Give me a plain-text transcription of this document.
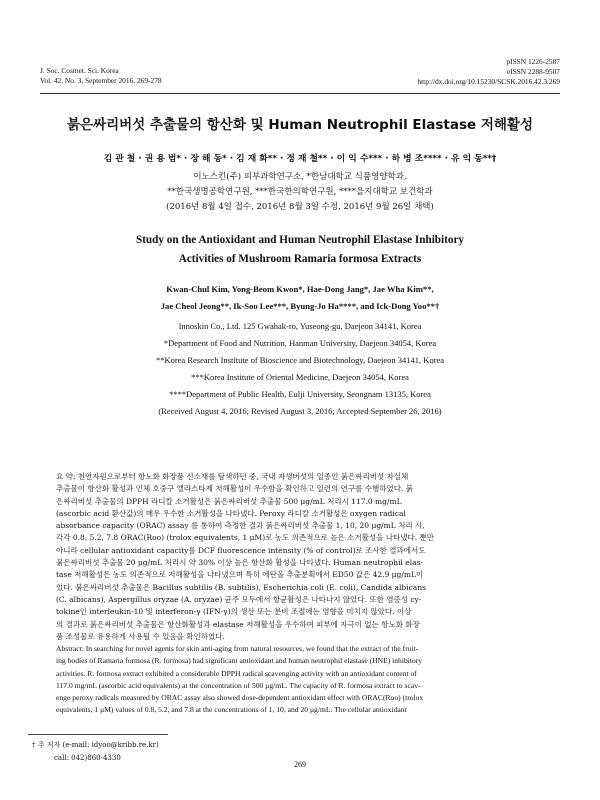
J. Soc. Cosmet. Sci. Korea
Vol. 42, No. 3, September 2016, 269-278
pISSN 1226-2587
eISSN 2288-9507
http://dx.doi.org/10.15230/SCSK.2016.42.3.269
붉은싸리버섯 추출물의 항산화 및 Human Neutrophil Elastase 저해활성
김 관 철 · 권 용 범* · 장 해 동* · 김 재 화** · 정 재 철** · 이 익 수*** · 하 병 조**** · 유 익 동**†
이노스킨(주) 피부과학연구소, *한남대학교 식품영양학과,
**한국생명공학연구원, ***한국한의학연구원, ****을지대학교 보건학과
(2016년 8월 4일 접수, 2016년 8월 3일 수정, 2016년 9월 26일 채택)
Study on the Antioxidant and Human Neutrophil Elastase Inhibitory
Activities of Mushroom Ramaria formosa Extracts
Kwan-Chul Kim, Yong-Beom Kwon*, Hae-Dong Jang*, Jae Wha Kim**,
Jae Cheol Jeong**, Ik-Soo Lee***, Byung-Jo Ha****, and Ick-Dong Yoo**†
Innoskin Co., Ltd. 125 Gwahak-ro, Yuseong-gu, Daejeon 34141, Korea
*Department of Food and Nutrition, Hanman University, Daejeon 34054, Korea
**Korea Research Institute of Bioscience and Biotechnology, Daejeon 34141, Korea
***Korea Institute of Oriental Medicine, Daejeon 34054, Korea
****Department of Public Health, Eulji University, Seongnam 13135, Korea
(Received August 4, 2016; Revised August 3, 2016; Accepted September 26, 2016)
요 약: 천연자원으로부터 항노화 화장품 신소재를 탐색하던 중, 국내 자생버섯의 일종인 붉은싸리버섯 자실체
추출물이 항산화 활성과 인체 호중구 엘라스타제 저해활성이 우수함을 확인하고 일련의 연구를 수행하였다. 붉
은싸리버섯 추출물의 DPPH 라디칼 소거활성은 붉은싸리버섯 추출물 500 μg/mL 처리시 117.0 mg/mL
(ascorbic acid 환산값)의 매우 우수한 소거활성을 나타냈다. Peroxy 라디칼 소거활성은 oxygen radical
absorbance capacity (ORAC) assay 를 통하여 측정한 결과 붉은싸리버섯 추출물 1, 10, 20 μg/mL 처리 시,
각각 0.8, 5.2, 7.8 ORAC(Roo) (trolox equivalents, 1 μM)로 농도 의존적으로 높은 소거활성을 나타냈다. 뿐만
아니라 cellular antioxidant capacity를 DCF fluorescence intensity (% of control)로 조사한 결과에서도
붉은싸리버섯 추출물 20 μg/mL 처리시 약 30% 이상 높은 항산화 활성을 나타냈다. Human neutrophil elas-
tase 저해활성은 농도 의존적으로 저해활성을 나타냈으며 특히 에탄올 추출분획에서 ED50 값은 42.9 μg/mL이
었다. 붉은싸리버섯 추출물은 Bacillus subtilis (B. subtilis), Escherichia coli (E. coli), Candida albicans
(C. albicans), Aspergillus oryzae (A. oryzae) 균주 모두에서 항균활성은 나타나지 않았다. 또한 염증성 cy-
tokine인 interleukin-10 및 interferon-γ (IFN-γ)의 생산 또는 분비 조절에는 영향을 미치지 않았다. 이상
의 결과로 붉은싸리버섯 추출물은 항산화활성과 elastase 저해활성을 우수하여 피부에 자극이 없는 항노화 화장
품 조성물로 유용하게 사용될 수 있음을 확인하였다.
Abstract: In searching for novel agents for skin anti-aging from natural resources, we found that the extract of the fruit-
ing bodies of Ramaria formosa (R. formosa) had significant antioxidant and human neutrophil elastase (HNE) inhibitory
activities. R. formosa extract exhibited a considerable DPPH radical scavenging activity with an antioxidant content of
117.0 mg/mL (ascorbic acid equivalents) at the concentration of 500 μg/mL. The capacity of R. formosa extract to scav-
enge peroxy radicals measured by ORAC assay also showed dose-dependent antioxidant effect with ORAC(Roo) (trolox
equivalents, 1 μM) values of 0.8, 5.2, and 7.8 at the concentrations of 1, 10, and 20 μg/mL. The cellular antioxidant
† 주 저자 (e-mail: idyoo@kribb.re.kr)
call: 042)860-4330
269
